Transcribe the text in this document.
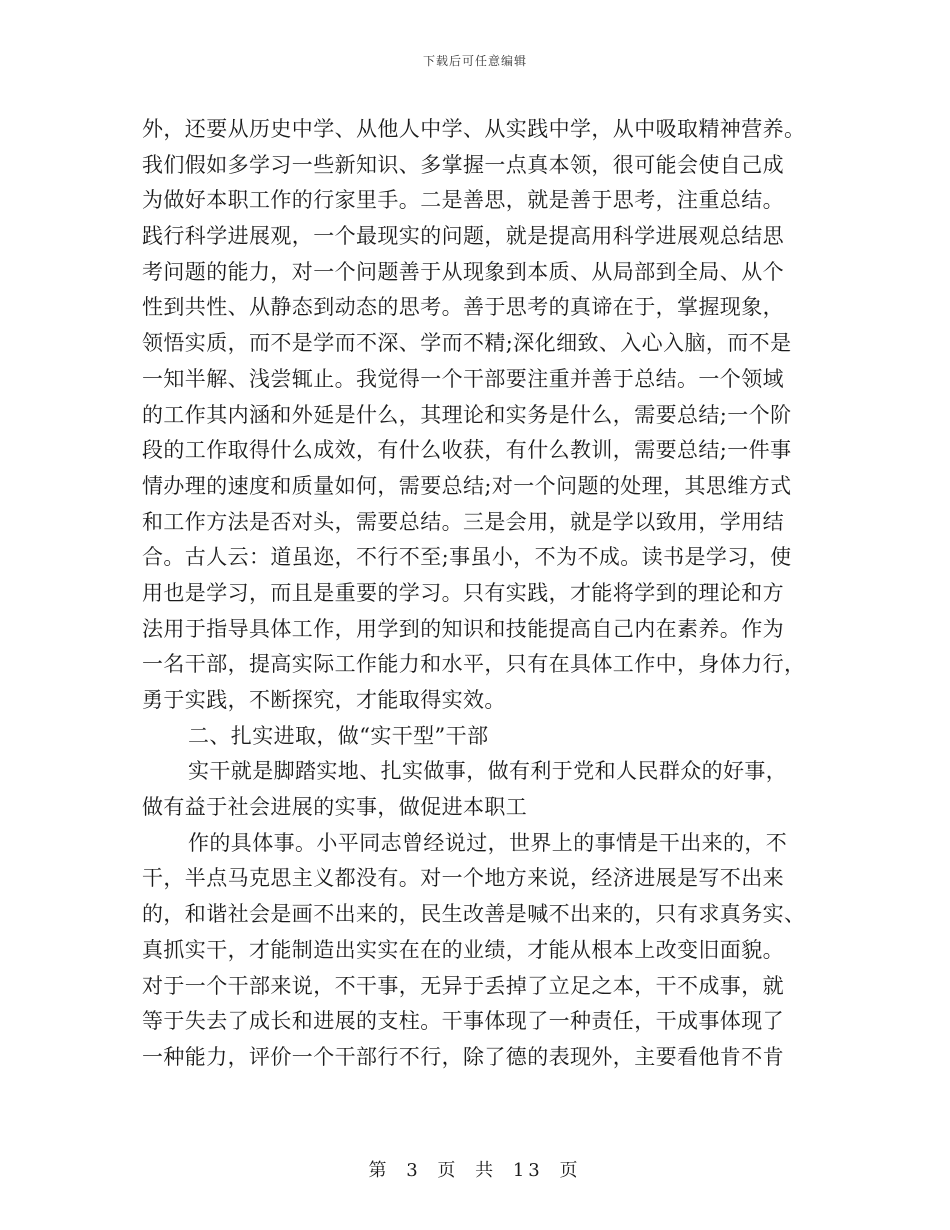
下载后可任意编辑
外，还要从历史中学、从他人中学、从实践中学，从中吸取精神营养。
我们假如多学习一些新知识、多掌握一点真本领，很可能会使自己成
为做好本职工作的行家里手。二是善思，就是善于思考，注重总结。
践行科学进展观，一个最现实的问题，就是提高用科学进展观总结思
考问题的能力，对一个问题善于从现象到本质、从局部到全局、从个
性到共性、从静态到动态的思考。善于思考的真谛在于，掌握现象，
领悟实质，而不是学而不深、学而不精;深化细致、入心入脑，而不是
一知半解、浅尝辄止。我觉得一个干部要注重并善于总结。一个领域
的工作其内涵和外延是什么，其理论和实务是什么，需要总结;一个阶
段的工作取得什么成效，有什么收获，有什么教训，需要总结;一件事
情办理的速度和质量如何，需要总结;对一个问题的处理，其思维方式
和工作方法是否对头，需要总结。三是会用，就是学以致用，学用结
合。古人云：道虽迩，不行不至;事虽小，不为不成。读书是学习，使
用也是学习，而且是重要的学习。只有实践，才能将学到的理论和方
法用于指导具体工作，用学到的知识和技能提高自己内在素养。作为
一名干部，提高实际工作能力和水平，只有在具体工作中，身体力行，
勇于实践，不断探究，才能取得实效。
二、扎实进取，做“实干型”干部
实干就是脚踏实地、扎实做事，做有利于党和人民群众的好事，
做有益于社会进展的实事，做促进本职工
作的具体事。小平同志曾经说过，世界上的事情是干出来的，不
干，半点马克思主义都没有。对一个地方来说，经济进展是写不出来
的，和谐社会是画不出来的，民生改善是喊不出来的，只有求真务实、
真抓实干，才能制造出实实在在的业绩，才能从根本上改变旧面貌。
对于一个干部来说，不干事，无异于丢掉了立足之本，干不成事，就
等于失去了成长和进展的支柱。干事体现了一种责任，干成事体现了
一种能力，评价一个干部行不行，除了德的表现外，主要看他肯不肯
第 3 页 共 13 页
